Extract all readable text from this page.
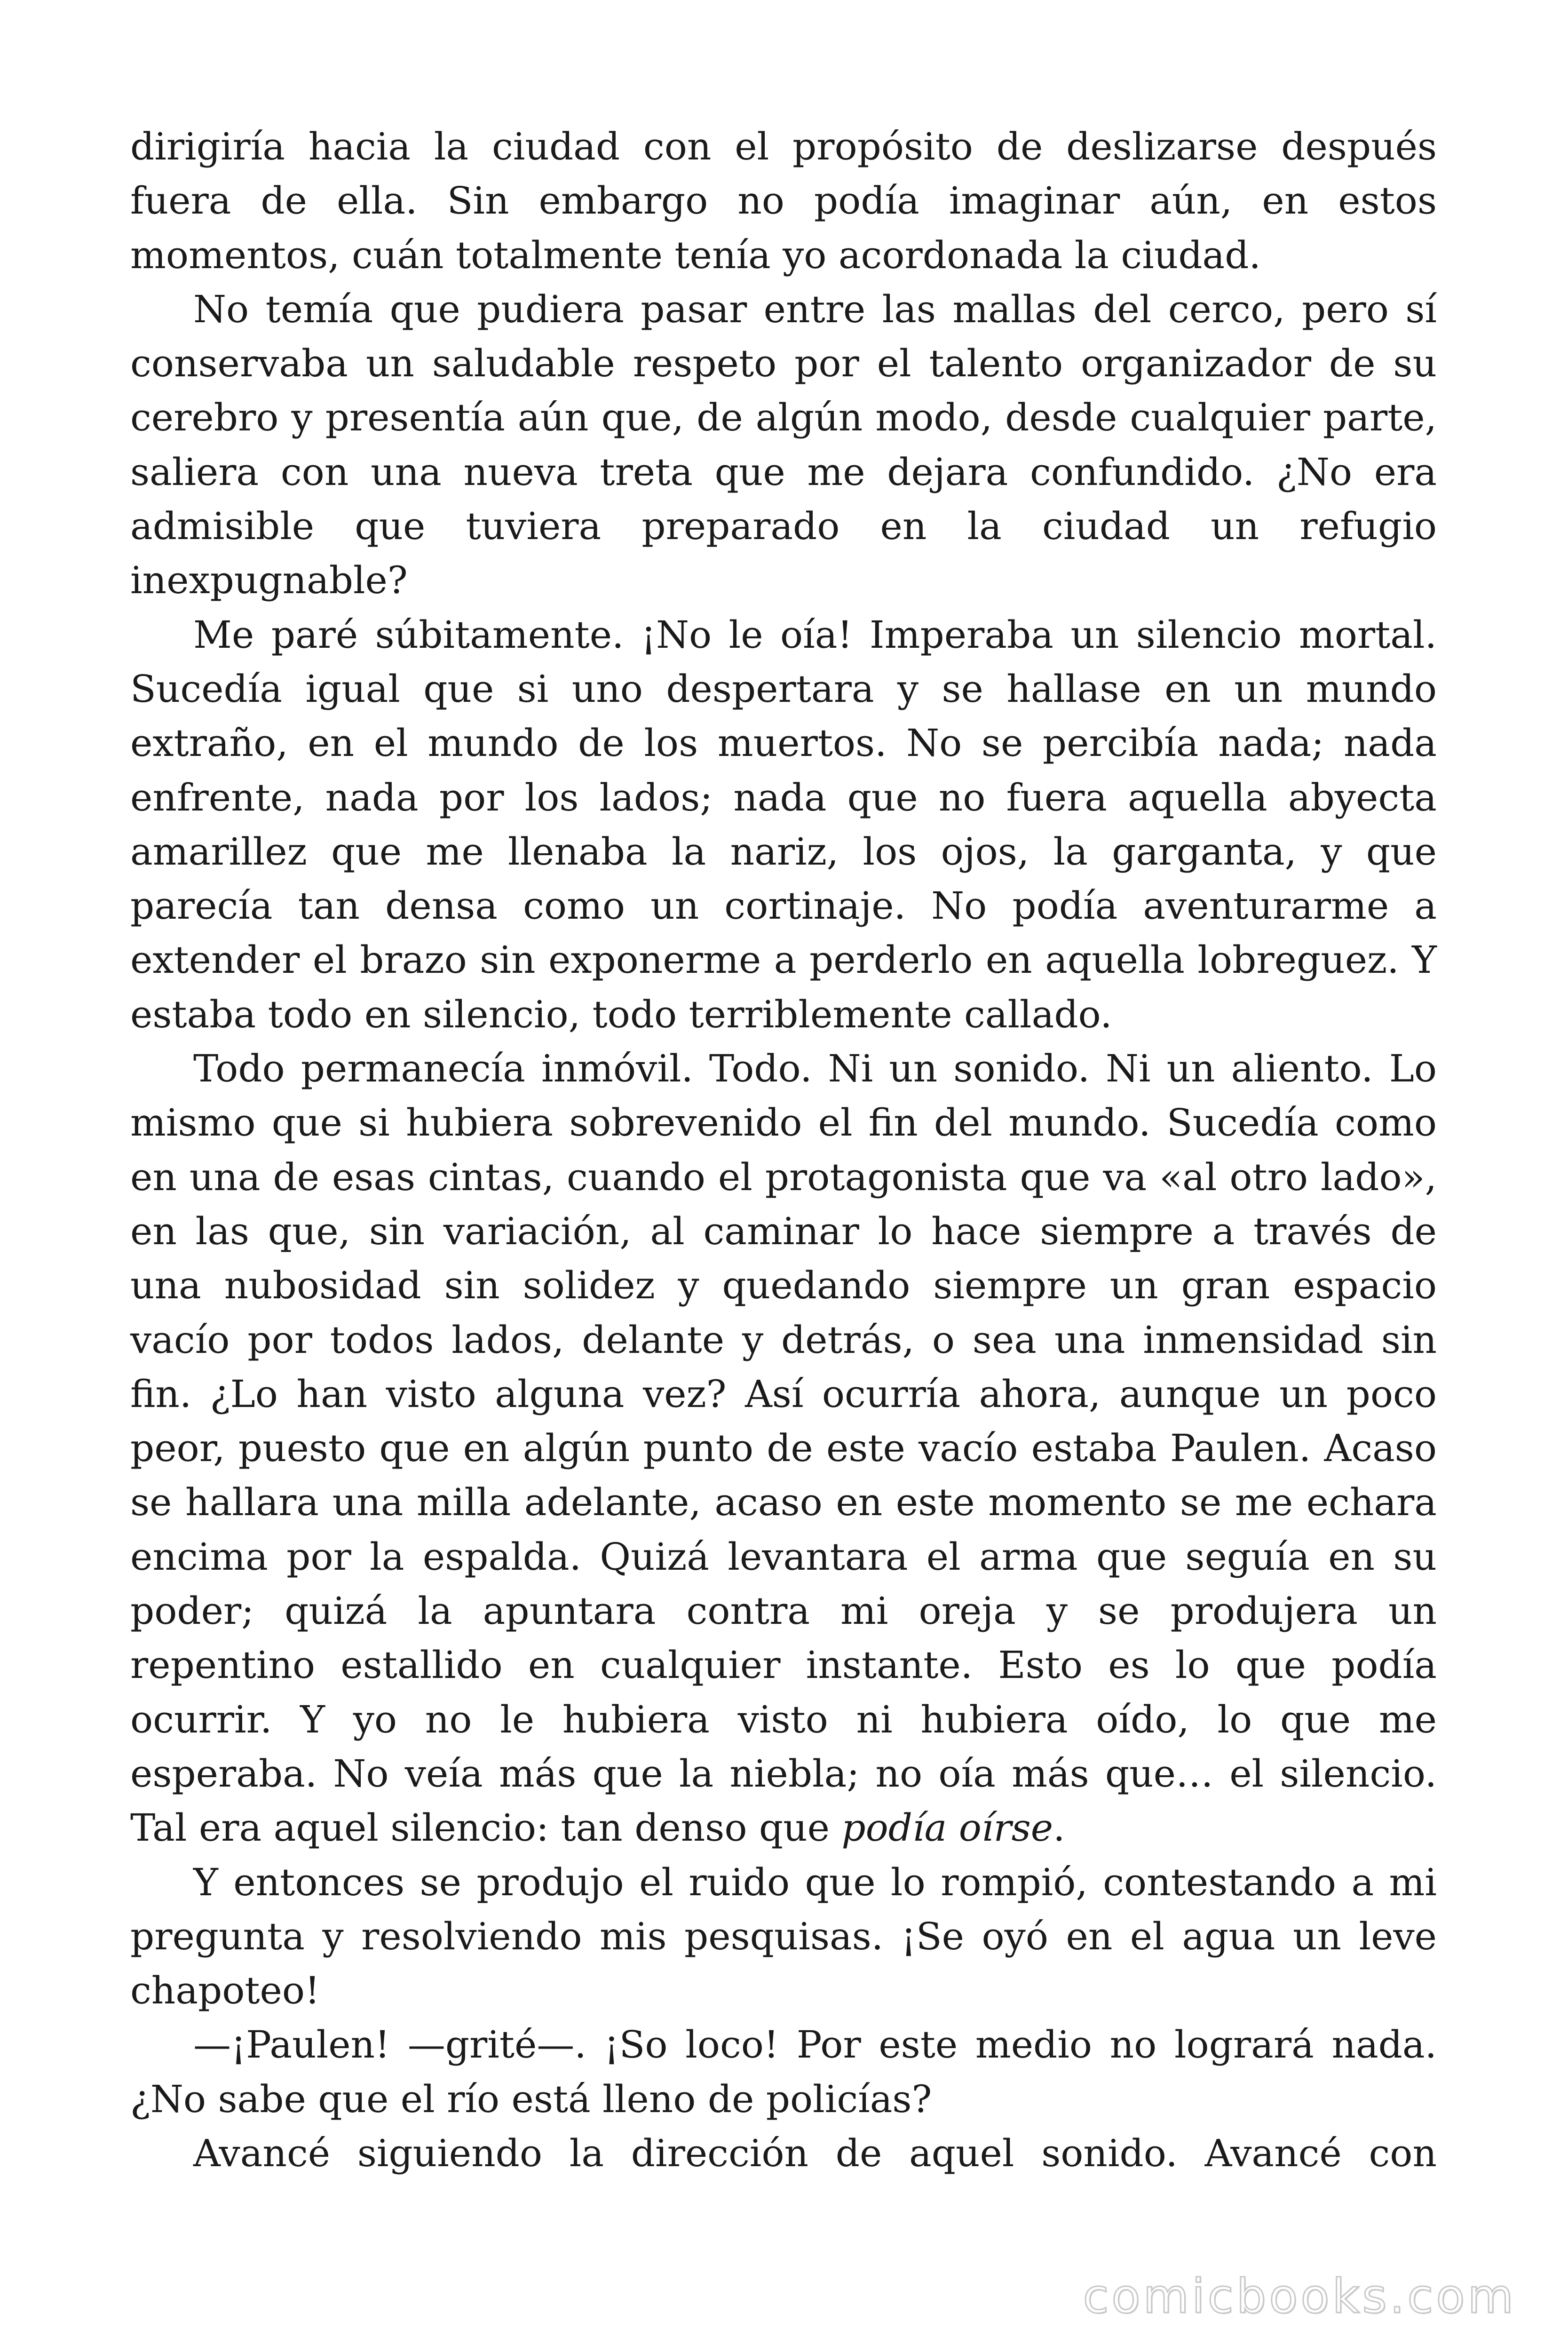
dirigiría hacia la ciudad con el propósito de deslizarse después fuera de ella. Sin embargo no podía imaginar aún, en estos momentos, cuán totalmente tenía yo acordonada la ciudad.

No temía que pudiera pasar entre las mallas del cerco, pero sí conservaba un saludable respeto por el talento organizador de su cerebro y presentía aún que, de algún modo, desde cualquier parte, saliera con una nueva treta que me dejara confundido. ¿No era admisible que tuviera preparado en la ciudad un refugio inexpugnable?

Me paré súbitamente. ¡No le oía! Imperaba un silencio mortal. Sucedía igual que si uno despertara y se hallase en un mundo extraño, en el mundo de los muertos. No se percibía nada; nada enfrente, nada por los lados; nada que no fuera aquella abyecta amarillez que me llenaba la nariz, los ojos, la garganta, y que parecía tan densa como un cortinaje. No podía aventurarme a extender el brazo sin exponerme a perderlo en aquella lobreguez. Y estaba todo en silencio, todo terriblemente callado.

Todo permanecía inmóvil. Todo. Ni un sonido. Ni un aliento. Lo mismo que si hubiera sobrevenido el fin del mundo. Sucedía como en una de esas cintas, cuando el protagonista que va «al otro lado», en las que, sin variación, al caminar lo hace siempre a través de una nubosidad sin solidez y quedando siempre un gran espacio vacío por todos lados, delante y detrás, o sea una inmensidad sin fin. ¿Lo han visto alguna vez? Así ocurría ahora, aunque un poco peor, puesto que en algún punto de este vacío estaba Paulen. Acaso se hallara una milla adelante, acaso en este momento se me echara encima por la espalda. Quizá levantara el arma que seguía en su poder; quizá la apuntara contra mi oreja y se produjera un repentino estallido en cualquier instante. Esto es lo que podía ocurrir. Y yo no le hubiera visto ni hubiera oído, lo que me esperaba. No veía más que la niebla; no oía más que… el silencio. Tal era aquel silencio: tan denso que podía oírse.

Y entonces se produjo el ruido que lo rompió, contestando a mi pregunta y resolviendo mis pesquisas. ¡Se oyó en el agua un leve chapoteo!

—¡Paulen! —grité—. ¡So loco! Por este medio no logrará nada. ¿No sabe que el río está lleno de policías?

Avancé siguiendo la dirección de aquel sonido. Avancé con

comicbooks.com
